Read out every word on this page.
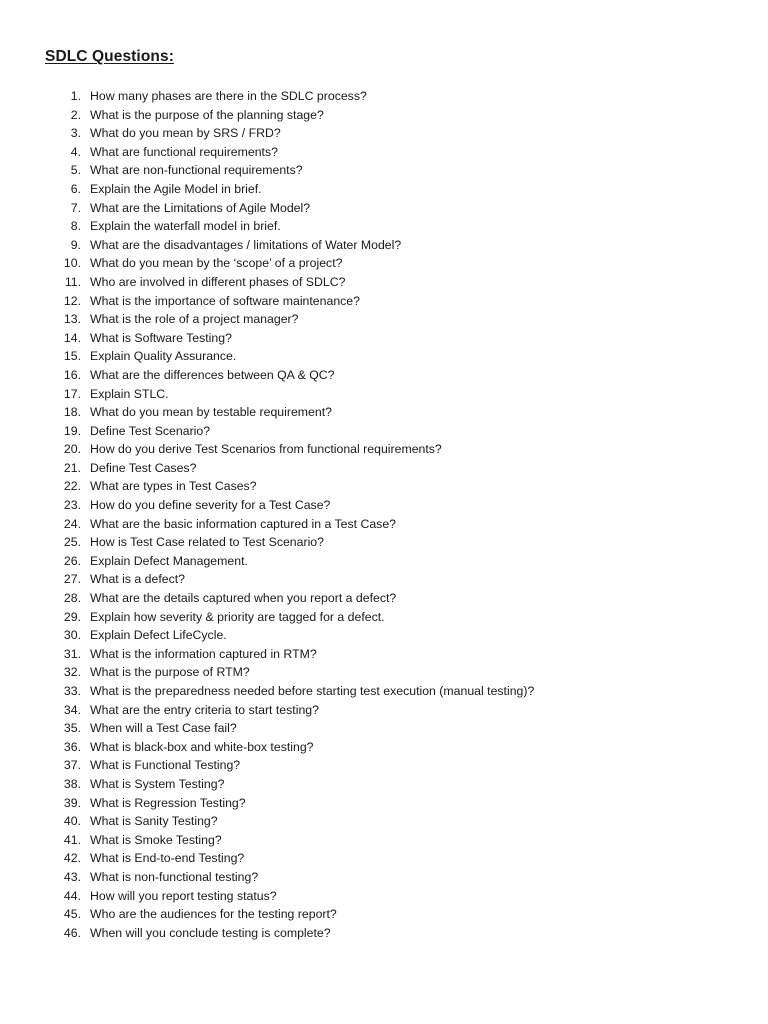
SDLC Questions:
1. How many phases are there in the SDLC process?
2. What is the purpose of the planning stage?
3. What do you mean by SRS / FRD?
4. What are functional requirements?
5. What are non-functional requirements?
6. Explain the Agile Model in brief.
7. What are the Limitations of Agile Model?
8. Explain the waterfall model in brief.
9. What are the disadvantages / limitations of Water Model?
10. What do you mean by the ‘scope’ of a project?
11. Who are involved in different phases of SDLC?
12. What is the importance of software maintenance?
13. What is the role of a project manager?
14. What is Software Testing?
15. Explain Quality Assurance.
16. What are the differences between QA & QC?
17. Explain STLC.
18. What do you mean by testable requirement?
19. Define Test Scenario?
20. How do you derive Test Scenarios from functional requirements?
21. Define Test Cases?
22. What are types in Test Cases?
23. How do you define severity for a Test Case?
24. What are the basic information captured in a Test Case?
25. How is Test Case related to Test Scenario?
26. Explain Defect Management.
27. What is a defect?
28. What are the details captured when you report a defect?
29. Explain how severity & priority are tagged for a defect.
30. Explain Defect LifeCycle.
31. What is the information captured in RTM?
32. What is the purpose of RTM?
33. What is the preparedness needed before starting test execution (manual testing)?
34. What are the entry criteria to start testing?
35. When will a Test Case fail?
36. What is black-box and white-box testing?
37. What is Functional Testing?
38. What is System Testing?
39. What is Regression Testing?
40. What is Sanity Testing?
41. What is Smoke Testing?
42. What is End-to-end Testing?
43. What is non-functional testing?
44. How will you report testing status?
45. Who are the audiences for the testing report?
46. When will you conclude testing is complete?
